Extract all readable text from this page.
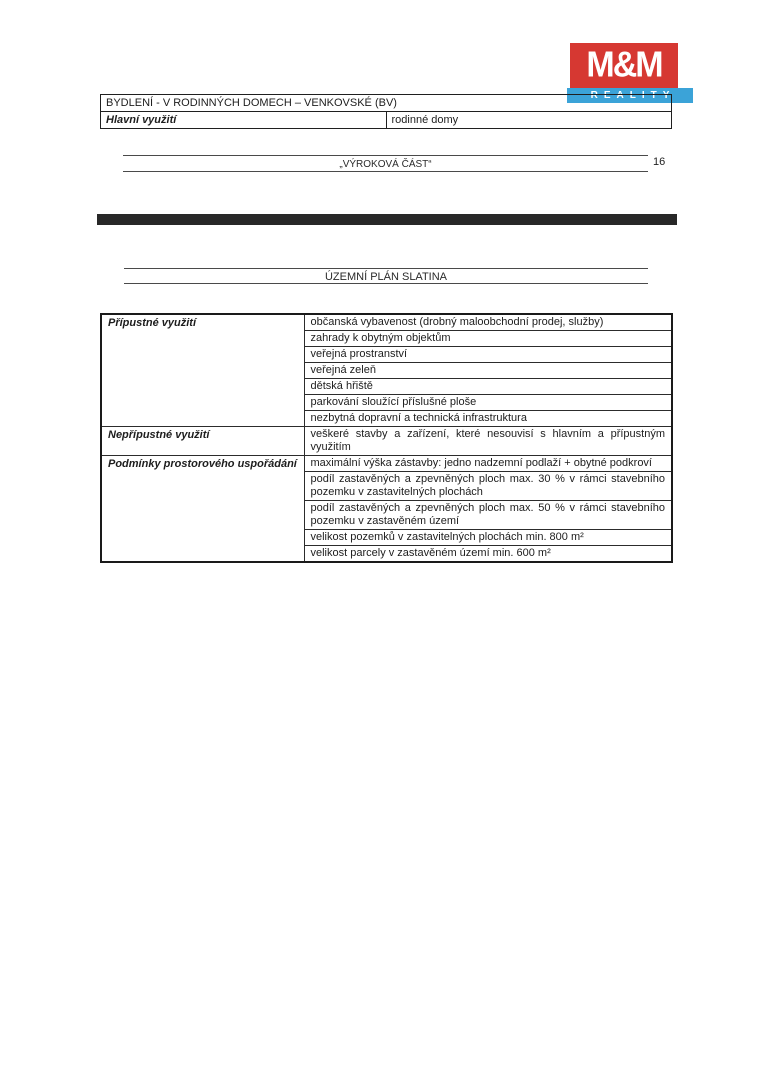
M&M
REALITY
BYDLENÍ - V RODINNÝCH DOMECH – VENKOVSKÉ (BV)
Hlavní využití	rodinné domy
„VÝROKOVÁ ČÁST“	16
ÚZEMNÍ PLÁN SLATINA
Přípustné využití	občanská vybavenost (drobný maloobchodní prodej, služby)
	zahrady k obytným objektům
	veřejná prostranství
	veřejná zeleň
	dětská hřiště
	parkování sloužící příslušné ploše
	nezbytná dopravní a technická infrastruktura
Nepřípustné využití	veškeré stavby a zařízení, které nesouvisí s hlavním a přípustným využitím
Podmínky prostorového uspořádání	maximální výška zástavby: jedno nadzemní podlaží + obytné podkroví
	podíl zastavěných a zpevněných ploch max. 30 % v rámci stavebního pozemku v zastavitelných plochách
	podíl zastavěných a zpevněných ploch max. 50 % v rámci stavebního pozemku v zastavěném území
	velikost pozemků v zastavitelných plochách min. 800 m²
	velikost parcely v zastavěném území min. 600 m²
